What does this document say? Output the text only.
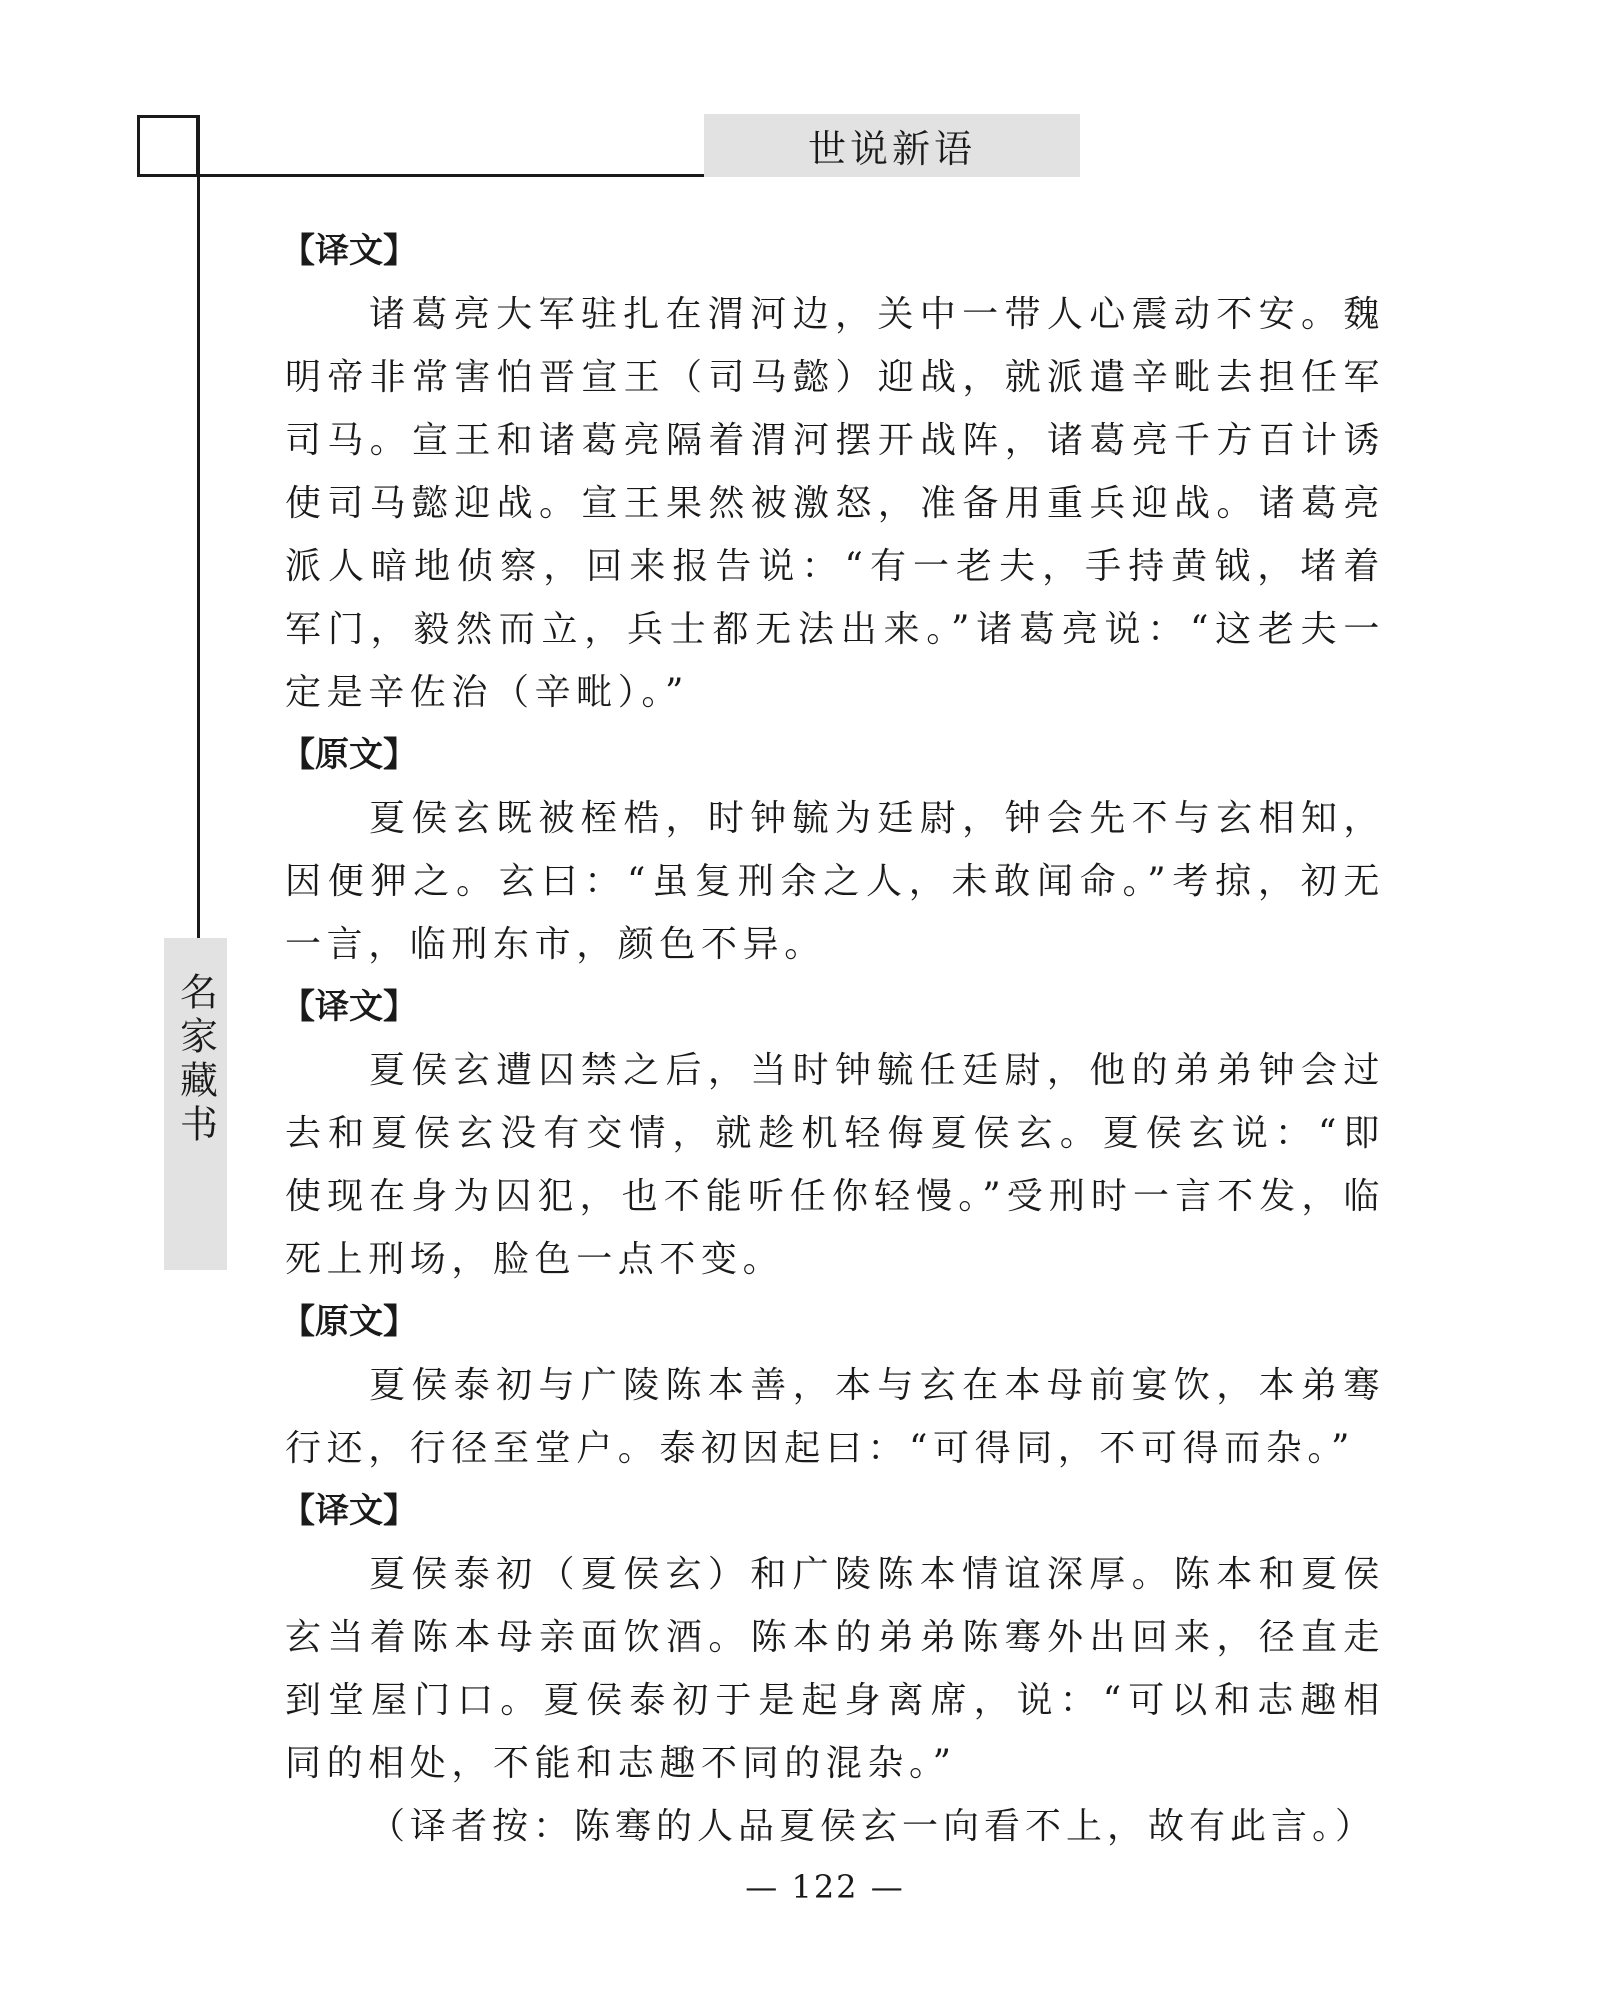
世说新语
名家藏书
【译文】

诸葛亮大军驻扎在渭河边，关中一带人心震动不安。魏明帝非常害怕晋宣王（司马懿）迎战，就派遣辛毗去担任军司马。宣王和诸葛亮隔着渭河摆开战阵，诸葛亮千方百计诱使司马懿迎战。宣王果然被激怒，准备用重兵迎战。诸葛亮派人暗地侦察，回来报告说：“有一老夫，手持黄钺，堵着军门，毅然而立，兵士都无法出来。”诸葛亮说：“这老夫一定是辛佐治（辛毗）。”

【原文】

夏侯玄既被桎梏，时钟毓为廷尉，钟会先不与玄相知，因便狎之。玄曰：“虽复刑余之人，未敢闻命。”考掠，初无一言，临刑东市，颜色不异。

【译文】

夏侯玄遭囚禁之后，当时钟毓任廷尉，他的弟弟钟会过去和夏侯玄没有交情，就趁机轻侮夏侯玄。夏侯玄说：“即使现在身为囚犯，也不能听任你轻慢。”受刑时一言不发，临死上刑场，脸色一点不变。

【原文】

夏侯泰初与广陵陈本善，本与玄在本母前宴饮，本弟骞行还，行径至堂户。泰初因起曰：“可得同，不可得而杂。”

【译文】

夏侯泰初（夏侯玄）和广陵陈本情谊深厚。陈本和夏侯玄当着陈本母亲面饮酒。陈本的弟弟陈骞外出回来，径直走到堂屋门口。夏侯泰初于是起身离席，说：“可以和志趣相同的相处，不能和志趣不同的混杂。”

（译者按：陈骞的人品夏侯玄一向看不上，故有此言。）

— 122 —
